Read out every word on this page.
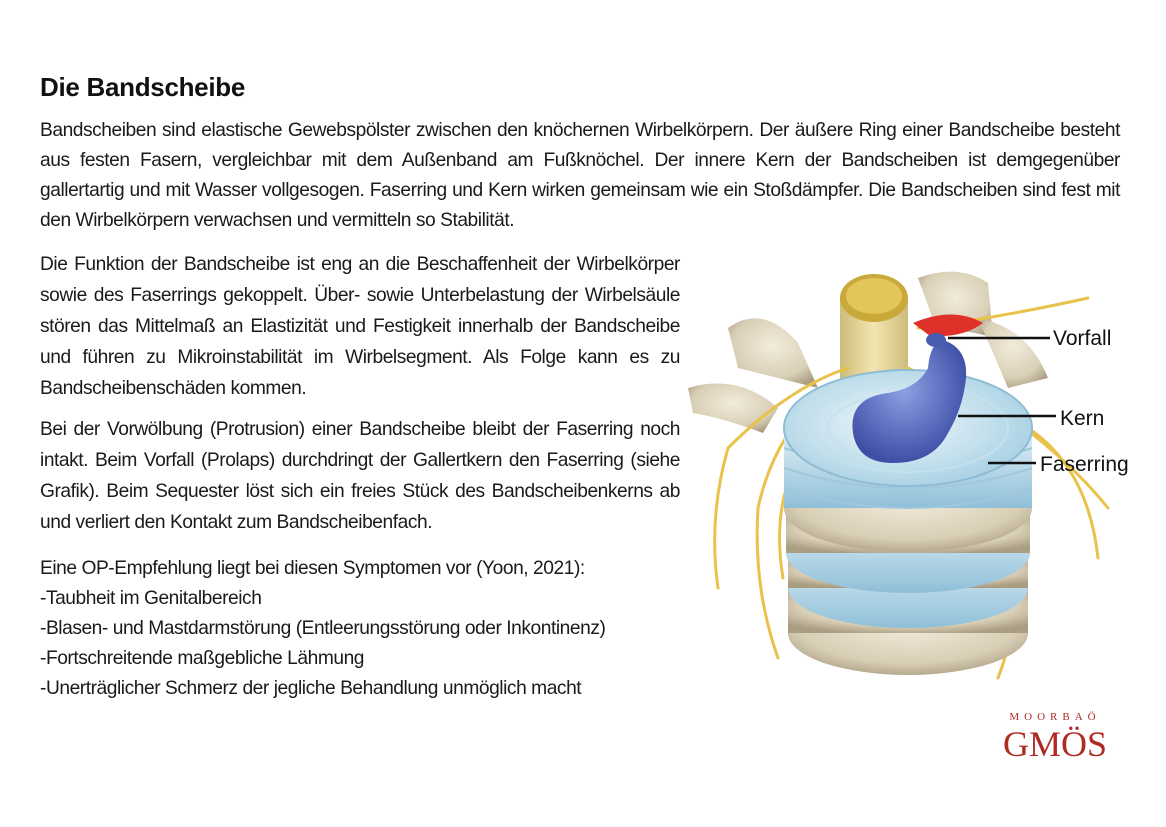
Die Bandscheibe

Bandscheiben sind elastische Gewebspölster zwischen den knöchernen Wirbelkörpern. Der äußere Ring einer Bandscheibe besteht aus festen Fasern, vergleichbar mit dem Außenband am Fußknöchel. Der innere Kern der Bandscheiben ist demgegenüber gallertartig und mit Wasser vollgesogen. Faserring und Kern wirken gemeinsam wie ein Stoßdämpfer. Die Bandscheiben sind fest mit den Wirbelkörpern verwachsen und vermitteln so Stabilität.

Die Funktion der Bandscheibe ist eng an die Beschaffenheit der Wirbelkörper sowie des Faserrings gekoppelt. Über- sowie Unterbelastung der Wirbelsäule stören das Mittelmaß an Elastizität und Festigkeit innerhalb der Bandscheibe und führen zu Mikroinstabilität im Wirbelsegment. Als Folge kann es zu Bandscheibenschäden kommen.

Bei der Vorwölbung (Protrusion) einer Bandscheibe bleibt der Faserring noch intakt. Beim Vorfall (Prolaps) durchdringt der Gallertkern den Faserring (siehe Grafik). Beim Sequester löst sich ein freies Stück des Bandscheibenkerns ab und verliert den Kontakt zum Bandscheibenfach.

Eine OP-Empfehlung liegt bei diesen Symptomen vor (Yoon, 2021):
-Taubheit im Genitalbereich
-Blasen- und Mastdarmstörung (Entleerungsstörung oder Inkontinenz)
-Fortschreitende maßgebliche Lähmung
-Unerträglicher Schmerz der jegliche Behandlung unmöglich macht
Vorfall
Kern
Faserring
MOORBAÖ
GMÖS
